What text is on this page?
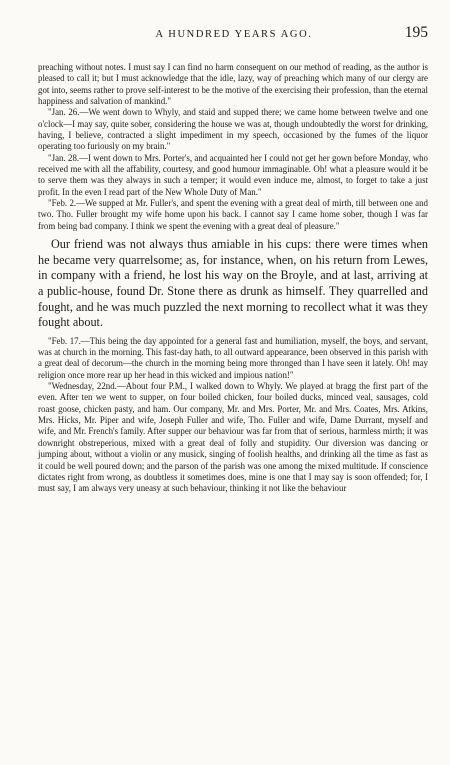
A HUNDRED YEARS AGO.	195

preaching without notes. I must say I can find no harm consequent on our method of reading, as the author is pleased to call it; but I must acknowledge that the idle, lazy, way of preaching which many of our clergy are got into, seems rather to prove self-interest to be the motive of the exercising their profession, than the eternal happiness and salvation of mankind."

"Jan. 26.—We went down to Whyly, and staid and supped there; we came home between twelve and one o'clock—I may say, quite sober, considering the house we was at, though undoubtedly the worst for drinking, having, I believe, contracted a slight impediment in my speech, occasioned by the fumes of the liquor operating too furiously on my brain."

"Jan. 28.—I went down to Mrs. Porter's, and acquainted her I could not get her gown before Monday, who received me with all the affability, courtesy, and good humour immaginable. Oh! what a pleasure would it be to serve them was they always in such a temper; it would even induce me, almost, to forget to take a just profit. In the even I read part of the New Whole Duty of Man."

"Feb. 2.—We supped at Mr. Fuller's, and spent the evening with a great deal of mirth, till between one and two. Tho. Fuller brought my wife home upon his back. I cannot say I came home sober, though I was far from being bad company. I think we spent the evening with a great deal of pleasure."

Our friend was not always thus amiable in his cups: there were times when he became very quarrelsome; as, for instance, when, on his return from Lewes, in company with a friend, he lost his way on the Broyle, and at last, arriving at a public-house, found Dr. Stone there as drunk as himself. They quarrelled and fought, and he was much puzzled the next morning to recollect what it was they fought about.

"Feb. 17.—This being the day appointed for a general fast and humiliation, myself, the boys, and servant, was at church in the morning. This fast-day hath, to all outward appearance, been observed in this parish with a great deal of decorum—the church in the morning being more thronged than I have seen it lately. Oh! may religion once more rear up her head in this wicked and impious nation!"

"Wednesday, 22nd.—About four P.M., I walked down to Whyly. We played at bragg the first part of the even. After ten we went to supper, on four boiled chicken, four boiled ducks, minced veal, sausages, cold roast goose, chicken pasty, and ham. Our company, Mr. and Mrs. Porter, Mr. and Mrs. Coates, Mrs. Atkins, Mrs. Hicks, Mr. Piper and wife, Joseph Fuller and wife, Tho. Fuller and wife, Dame Durrant, myself and wife, and Mr. French's family. After supper our behaviour was far from that of serious, harmless mirth; it was downright obstreperious, mixed with a great deal of folly and stupidity. Our diversion was dancing or jumping about, without a violin or any musick, singing of foolish healths, and drinking all the time as fast as it could be well poured down; and the parson of the parish was one among the mixed multitude. If conscience dictates right from wrong, as doubtless it sometimes does, mine is one that I may say is soon offended; for, I must say, I am always very uneasy at such behaviour, thinking it not like the behaviour
